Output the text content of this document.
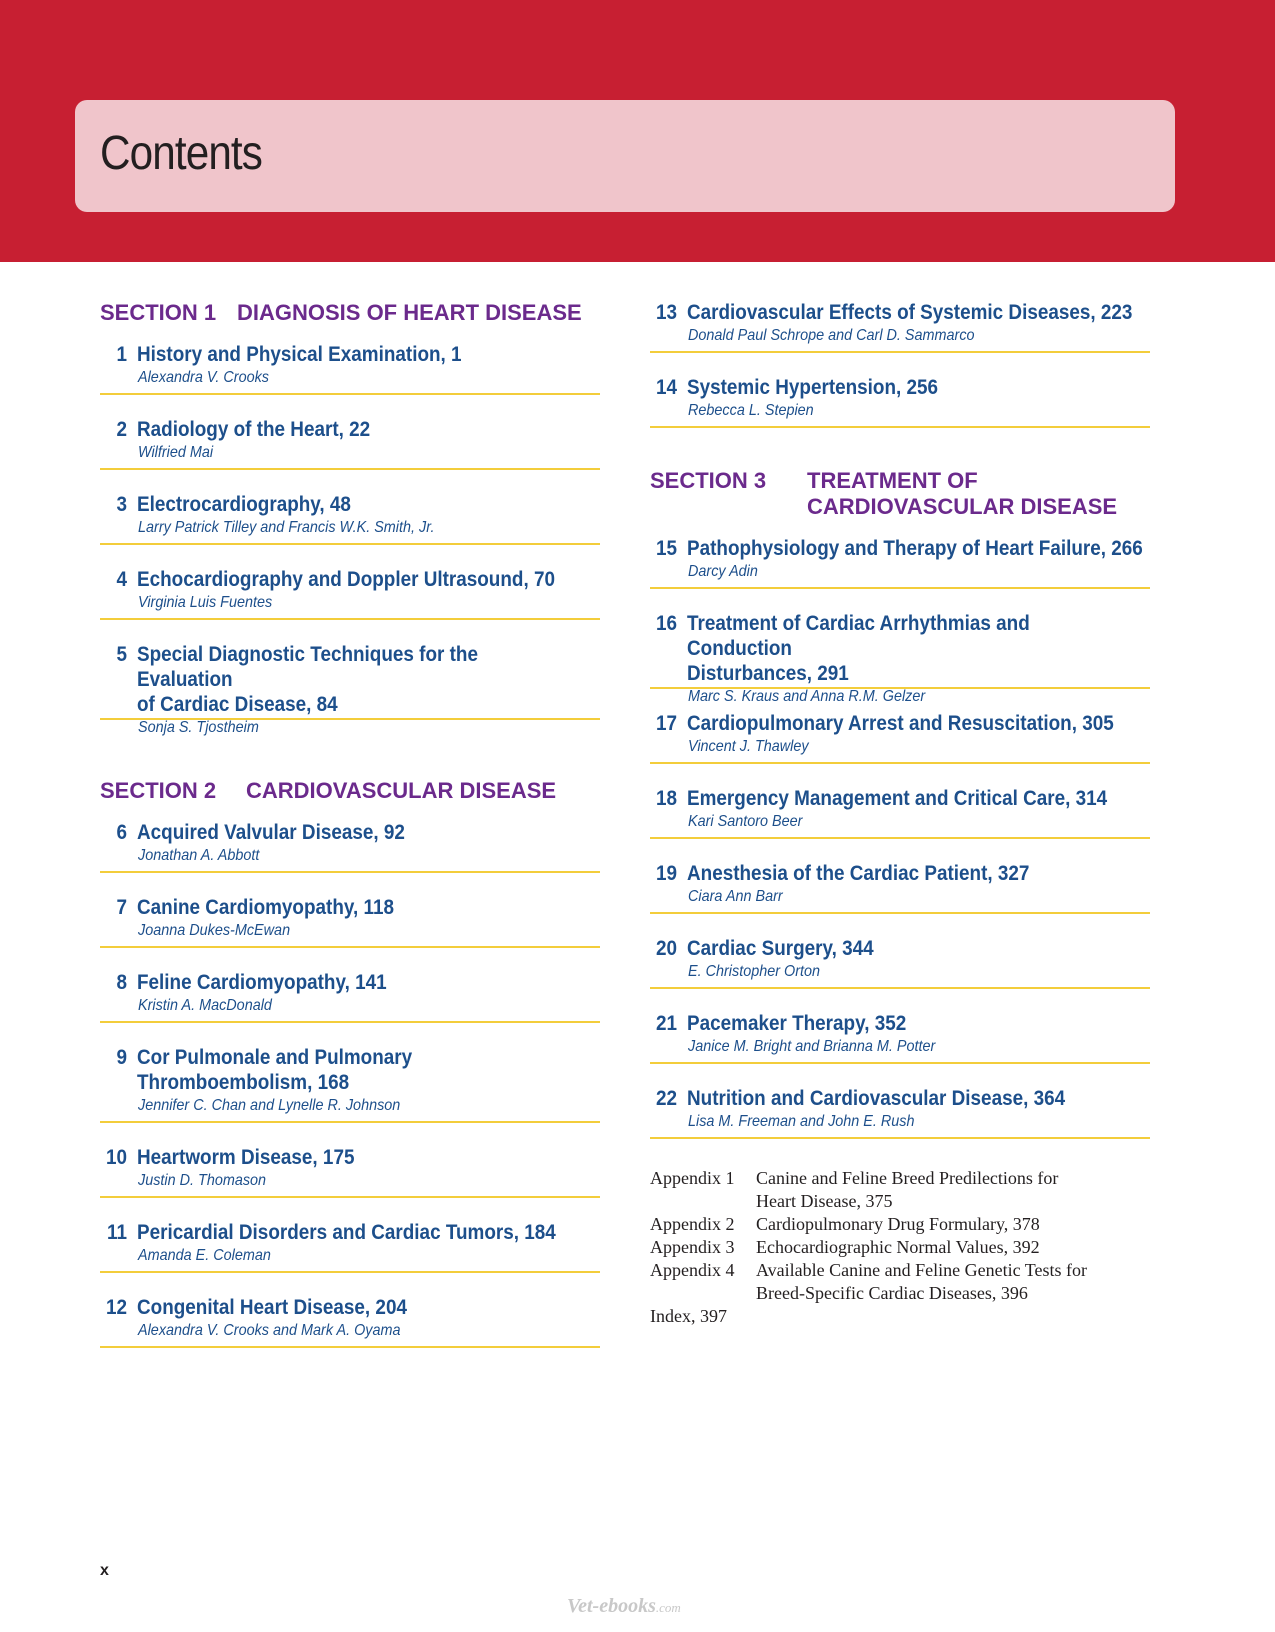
Contents
SECTION 1 DIAGNOSIS OF HEART DISEASE
1 History and Physical Examination, 1
Alexandra V. Crooks
2 Radiology of the Heart, 22
Wilfried Mai
3 Electrocardiography, 48
Larry Patrick Tilley and Francis W.K. Smith, Jr.
4 Echocardiography and Doppler Ultrasound, 70
Virginia Luis Fuentes
5 Special Diagnostic Techniques for the Evaluation
of Cardiac Disease, 84
Sonja S. Tjostheim
SECTION 2	CARDIOVASCULAR DISEASE
6 Acquired Valvular Disease, 92
Jonathan A. Abbott
7 Canine Cardiomyopathy, 118
Joanna Dukes-McEwan
8 Feline Cardiomyopathy, 141
Kristin A. MacDonald
9 Cor Pulmonale and Pulmonary
Thromboembolism, 168
Jennifer C. Chan and Lynelle R. Johnson
10 Heartworm Disease, 175
Justin D. Thomason
11 Pericardial Disorders and Cardiac Tumors, 184
Amanda E. Coleman
12 Congenital Heart Disease, 204
Alexandra V. Crooks and Mark A. Oyama
13 Cardiovascular Effects of Systemic Diseases, 223
Donald Paul Schrope and Carl D. Sammarco
14 Systemic Hypertension, 256
Rebecca L. Stepien
SECTION 3	TREATMENT OF
CARDIOVASCULAR DISEASE
15 Pathophysiology and Therapy of Heart Failure, 266
Darcy Adin
16 Treatment of Cardiac Arrhythmias and Conduction
Disturbances, 291
Marc S. Kraus and Anna R.M. Gelzer
17 Cardiopulmonary Arrest and Resuscitation, 305
Vincent J. Thawley
18 Emergency Management and Critical Care, 314
Kari Santoro Beer
19 Anesthesia of the Cardiac Patient, 327
Ciara Ann Barr
20 Cardiac Surgery, 344
E. Christopher Orton
21 Pacemaker Therapy, 352
Janice M. Bright and Brianna M. Potter
22 Nutrition and Cardiovascular Disease, 364
Lisa M. Freeman and John E. Rush
Appendix 1	Canine and Feline Breed Predilections for
Heart Disease, 375
Appendix 2	Cardiopulmonary Drug Formulary, 378
Appendix 3	Echocardiographic Normal Values, 392
Appendix 4	Available Canine and Feline Genetic Tests for
Breed-Specific Cardiac Diseases, 396
Index, 397
x
Vet-ebooks.com
